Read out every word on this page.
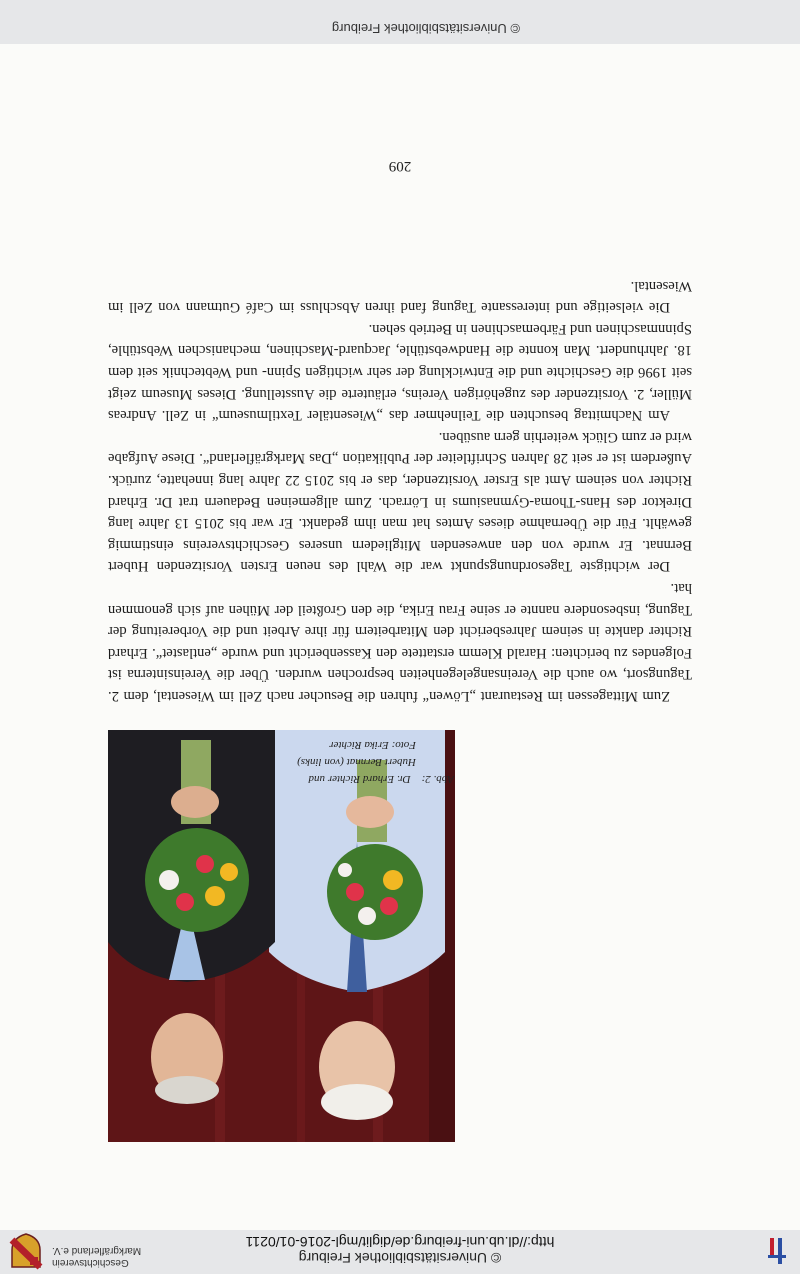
© Universitätsbibliothek Freiburg
http://dl.ub.uni-freiburg.de/diglit/mgl-2016-01/0211
Geschichtsverein
Markgräflerland e.V.
Abb. 2:    Dr. Erhard Richter und
Hubert Bernnat (von links)
Foto: Erika Richter

Zum Mittagessen im Restaurant „Löwen“ fuhren die Besucher nach Zell im Wiesental, dem 2. Tagungsort, wo auch die Vereinsangelegenheiten besprochen wurden. Über die Vereinsinterna ist Folgendes zu berichten: Harald Klemm erstattete den Kassenbericht und wurde „entlastet“. Erhard Richter dankte in seinem Jahresbericht den Mitarbeitern für ihre Arbeit und die Vorbereitung der Tagung, insbesondere nannte er seine Frau Erika, die den Großteil der Mühen auf sich genommen hat.

Der wichtigste Tagesordnungspunkt war die Wahl des neuen Ersten Vorsitzenden Hubert Bernnat. Er wurde von den anwesenden Mitgliedern unseres Geschichtsvereins einstimmig gewählt. Für die Übernahme dieses Amtes hat man ihm gedankt. Er war bis 2015 13 Jahre lang Direktor des Hans-Thoma-Gymnasiums in Lörrach. Zum allgemeinen Bedauern trat Dr. Erhard Richter von seinem Amt als Erster Vorsitzender, das er bis 2015 22 Jahre lang innehatte, zurück. Außerdem ist er seit 28 Jahren Schriftleiter der Publikation „Das Markgräflerland“. Diese Aufgabe wird er zum Glück weiterhin gern ausüben.

Am Nachmittag besuchten die Teilnehmer das „Wiesentäler Textilmuseum“ in Zell. Andreas Müller, 2. Vorsitzender des zugehörigen Vereins, erläuterte die Ausstellung. Dieses Museum zeigt seit 1996 die Geschichte und die Entwicklung der sehr wichtigen Spinn- und Webtechnik seit dem 18. Jahrhundert. Man konnte die Handwebstühle, Jacquard-Maschinen, mechanischen Webstühle, Spinnmaschinen und Färbemaschinen in Betrieb sehen.

Die vielseitige und interessante Tagung fand ihren Abschluss im Café Gutmann von Zell im Wiesental.

209
© Universitätsbibliothek Freiburg
